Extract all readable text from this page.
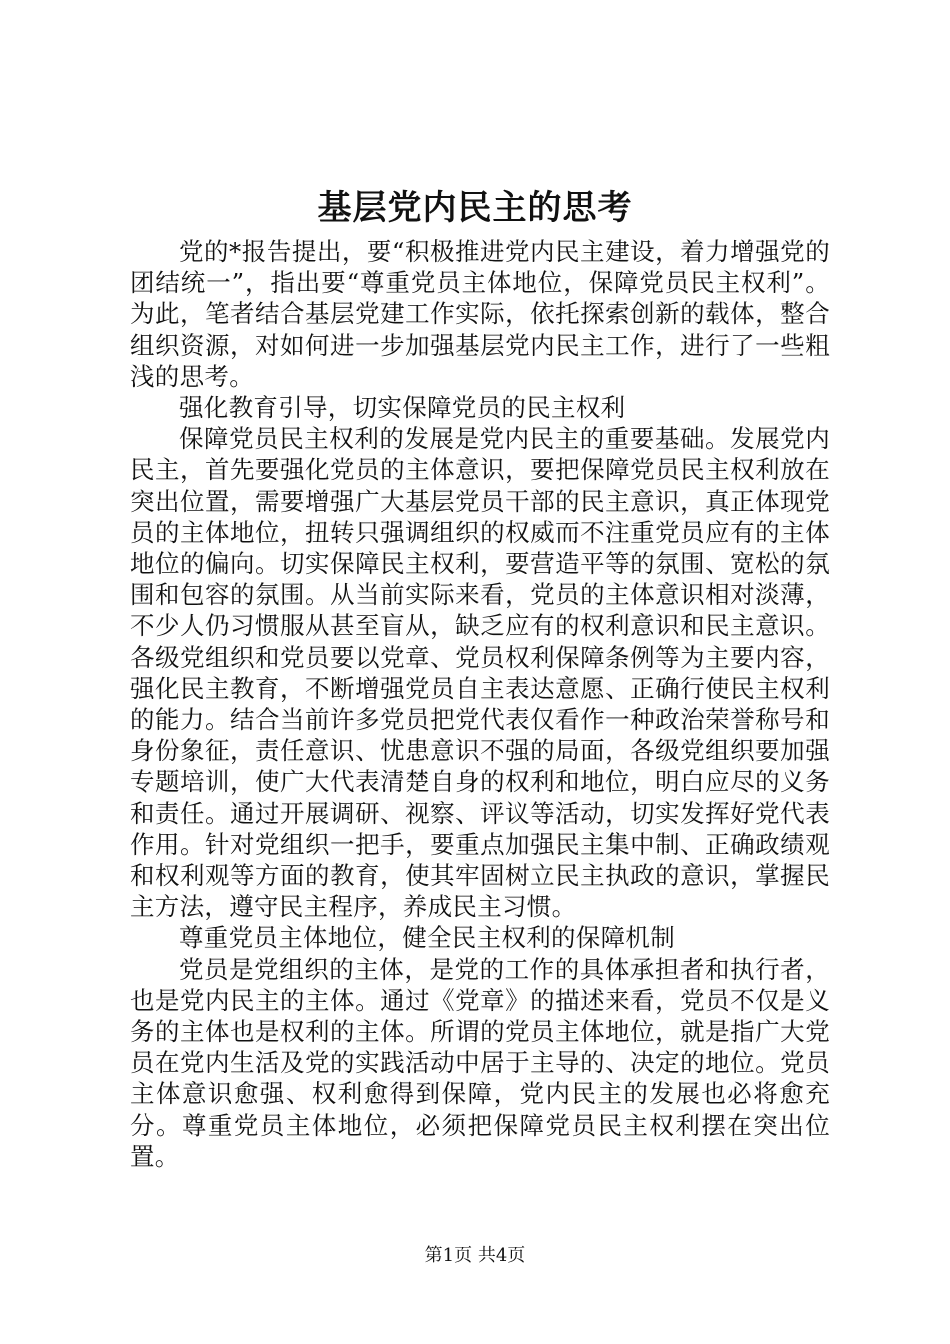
基层党内民主的思考

党的*报告提出，要“积极推进党内民主建设，着力增强党的团结统一”，指出要“尊重党员主体地位，保障党员民主权利”。为此，笔者结合基层党建工作实际，依托探索创新的载体，整合组织资源，对如何进一步加强基层党内民主工作，进行了一些粗浅的思考。

强化教育引导，切实保障党员的民主权利

保障党员民主权利的发展是党内民主的重要基础。发展党内民主，首先要强化党员的主体意识，要把保障党员民主权利放在突出位置，需要增强广大基层党员干部的民主意识，真正体现党员的主体地位，扭转只强调组织的权威而不注重党员应有的主体地位的偏向。切实保障民主权利，要营造平等的氛围、宽松的氛围和包容的氛围。从当前实际来看，党员的主体意识相对淡薄，不少人仍习惯服从甚至盲从，缺乏应有的权利意识和民主意识。各级党组织和党员要以党章、党员权利保障条例等为主要内容，强化民主教育，不断增强党员自主表达意愿、正确行使民主权利的能力。结合当前许多党员把党代表仅看作一种政治荣誉称号和身份象征，责任意识、忧患意识不强的局面，各级党组织要加强专题培训，使广大代表清楚自身的权利和地位，明白应尽的义务和责任。通过开展调研、视察、评议等活动，切实发挥好党代表作用。针对党组织一把手，要重点加强民主集中制、正确政绩观和权利观等方面的教育，使其牢固树立民主执政的意识，掌握民主方法，遵守民主程序，养成民主习惯。

尊重党员主体地位，健全民主权利的保障机制

党员是党组织的主体，是党的工作的具体承担者和执行者，也是党内民主的主体。通过《党章》的描述来看，党员不仅是义务的主体也是权利的主体。所谓的党员主体地位，就是指广大党员在党内生活及党的实践活动中居于主导的、决定的地位。党员主体意识愈强、权利愈得到保障，党内民主的发展也必将愈充分。尊重党员主体地位，必须把保障党员民主权利摆在突出位置。

第1页 共4页
